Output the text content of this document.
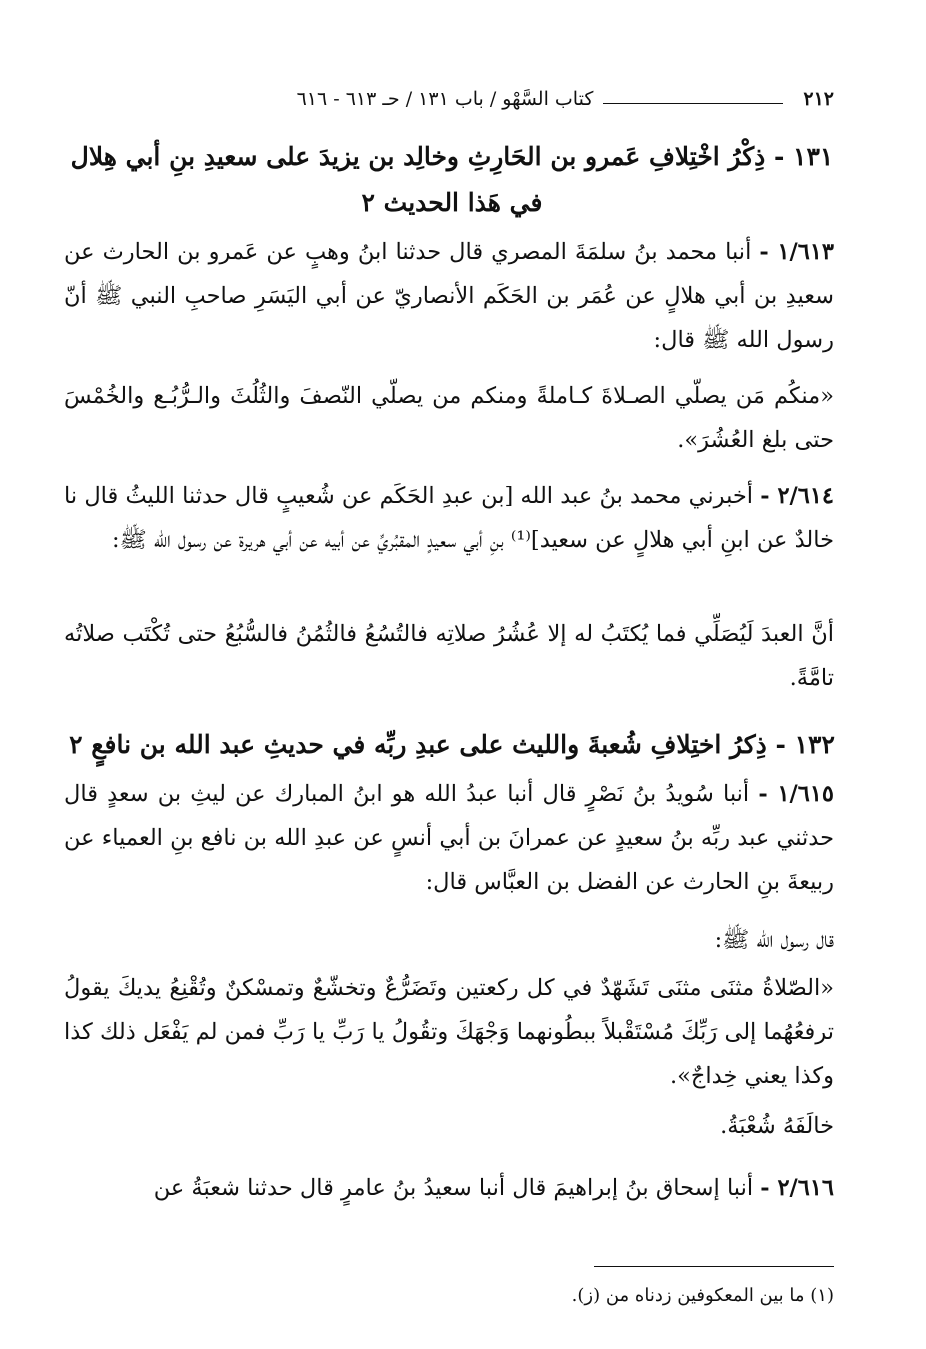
٢١٢
كتاب السَّهْو / باب ١٣١ / حـ ٦١٣ - ٦١٦
١٣١ - ذِكْرُ اخْتِلافِ عَمرو بن الحَارِثِ وخالِد بن يزيدَ على سعيدِ بنِ أبي هِلال في هَذا الحديث ٢
١/٦١٣ - أنبا محمد بنُ سلمَةَ المصري قال حدثنا ابنُ وهبٍ عن عَمرو بن الحارث عن سعيدِ بن أبي هلالٍ عن عُمَر بن الحَكَم الأنصاريّ عن أبي اليَسَرِ صاحبِ النبي ﷺ أنّ رسول الله ﷺ قال:
«منكُم مَن يصلّي الصـلاةَ كـاملةً ومنكم من يصلّي النّصفَ والثُلُثَ والـرُّبُـع والخُمْسَ حتى بلغ العُشُرَ».
٢/٦١٤ - أخبرني محمد بنُ عبد الله [بن عبدِ الحَكَم عن شُعيبٍ قال حدثنا الليثُ قال نا خالدٌ عن ابنِ أبي هلالٍ عن سعيد]⁽¹⁾ بنِ أبي سعيدٍ المقبُريِّ عن أبيه عن أبي هريرة عن رسول الله ﷺ:
أنَّ العبدَ لَيُصَلِّي فما يُكتَبُ له إلا عُشُرُ صلاتِه فالتُسُعُ فالثُمُنُ فالسُّبُعُ حتى تُكْتَب صلاتُه تامَّةً.
١٣٢ - ذِكرُ اختِلافِ شُعبةَ والليث على عبدِ ربِّه في حديثِ عبد الله بن نافعٍ ٢
١/٦١٥ - أنبا سُويدُ بنُ نَصْرٍ قال أنبا عبدُ الله هو ابنُ المبارك عن ليثِ بن سعدٍ قال حدثني عبد ربِّه بنُ سعيدٍ عن عمرانَ بن أبي أنسٍ عن عبدِ الله بن نافع بنِ العمياء عن ربيعةَ بنِ الحارث عن الفضل بن العبَّاس قال:
قال رسول الله ﷺ:
«الصّلاةُ مثنَى مثنَى تَشَهّدٌ في كل ركعتين وتَضَرُّعٌ وتخشّعٌ وتمسْكنٌ وتُقْنِعُ يديكَ يقولُ ترفعُهُما إلى رَبِّكَ مُسْتَقْبلاً ببطُونهما وَجْهَكَ وتقُولُ يا رَبِّ يا رَبِّ فمن لم يَفْعَل ذلك كذا وكذا يعني خِداجٌ».
خالَفَهُ شُعْبَةُ.
٢/٦١٦ - أنبا إسحاق بنُ إبراهيمَ قال أنبا سعيدُ بنُ عامرٍ قال حدثنا شعبَةُ عن
(١) ما بين المعكوفين زدناه من (ز).
